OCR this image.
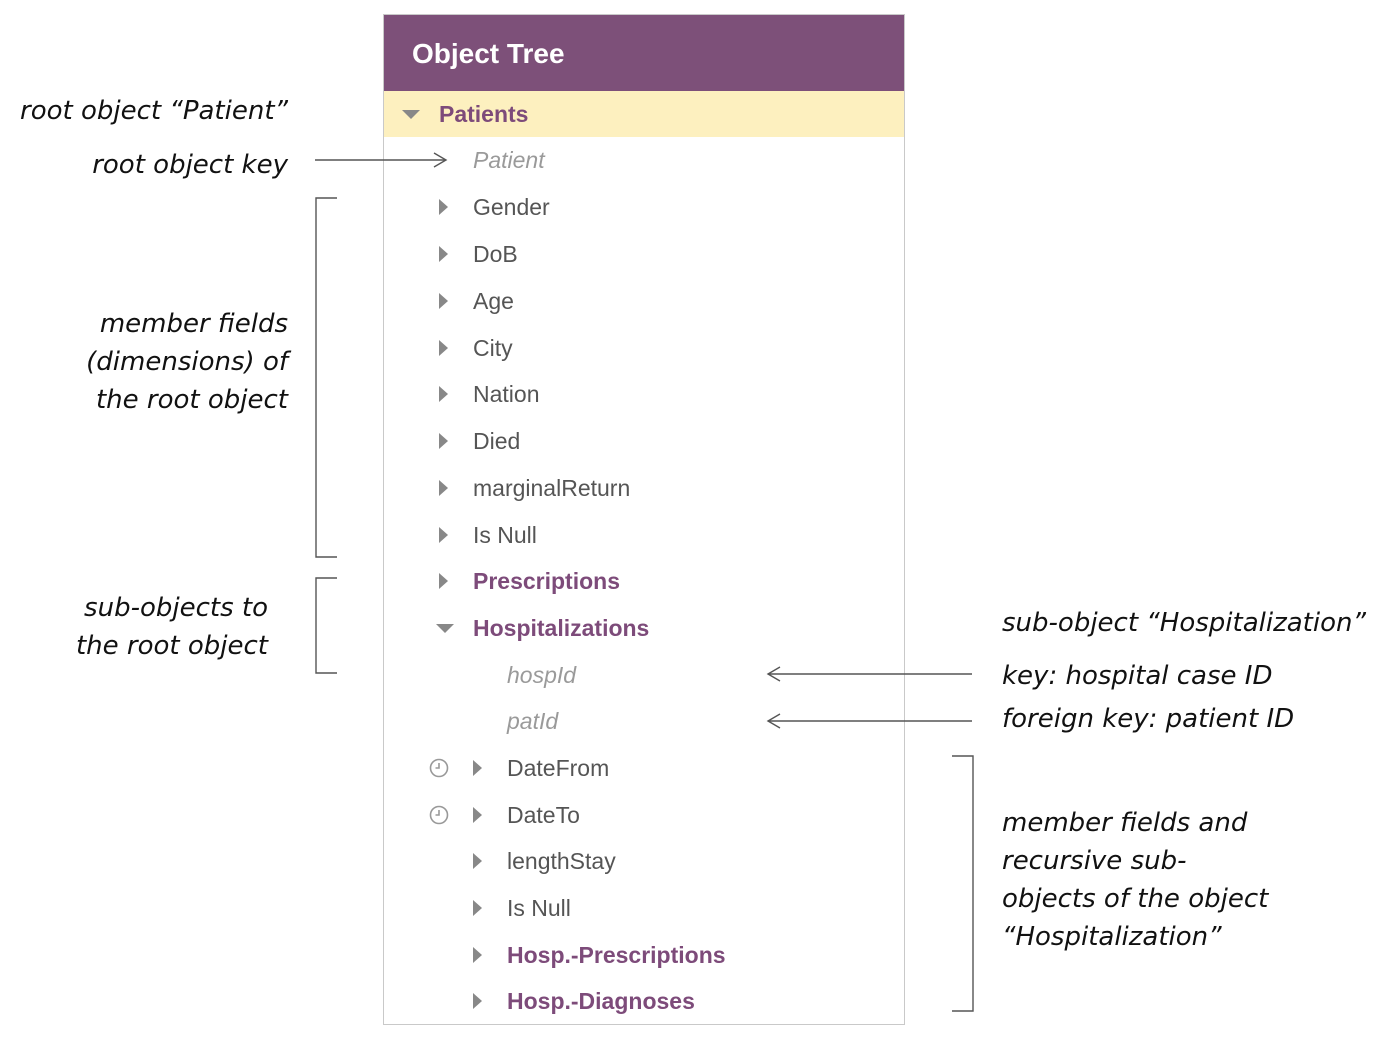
root object “Patient”
root object key
member fields
(dimensions) of
the root object
sub-objects to
the root object
sub-object “Hospitalization”
key: hospital case ID
foreign key: patient ID
member fields and
recursive sub-
objects of the object
“Hospitalization”
Object Tree
Patients
Patient
Gender
DoB
Age
City
Nation
Died
marginalReturn
Is Null
Prescriptions
Hospitalizations
hospId
patId
DateFrom
DateTo
lengthStay
Is Null
Hosp.-Prescriptions
Hosp.-Diagnoses
